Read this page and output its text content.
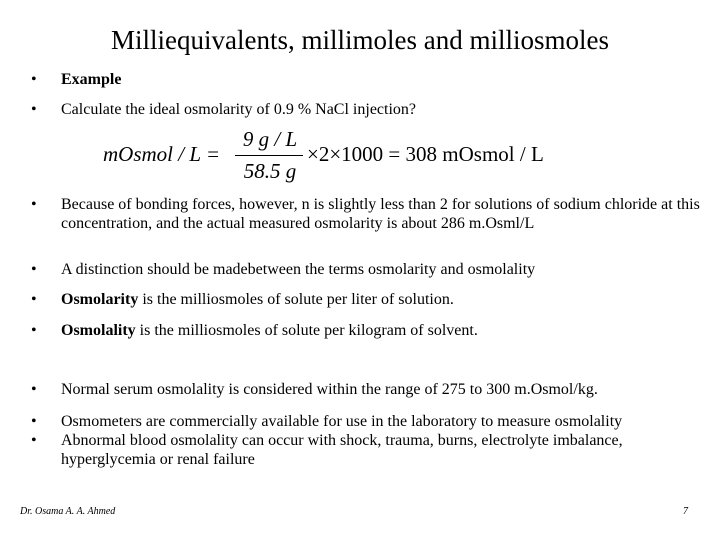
Milliequivalents, millimoles and milliosmoles
• Example
• Calculate the ideal osmolarity of 0.9 % NaCl injection?
mOsmol / L =
9 g / L
58.5 g
×2×1000 = 308 mOsmol / L
• Because of bonding forces, however, n is slightly less than 2 for solutions of sodium chloride at this concentration, and the actual measured osmolarity is about 286 m.Osml/L
• A distinction should be madebetween the terms osmolarity and osmolality
• Osmolarity is the milliosmoles of solute per liter of solution.
• Osmolality is the milliosmoles of solute per kilogram of solvent.
• Normal serum osmolality is considered within the range of 275 to 300 m.Osmol/kg.
• Osmometers are commercially available for use in the laboratory to measure osmolality
• Abnormal blood osmolality can occur with shock, trauma, burns, electrolyte imbalance, hyperglycemia or renal failure
Dr. Osama A. A. Ahmed	7
